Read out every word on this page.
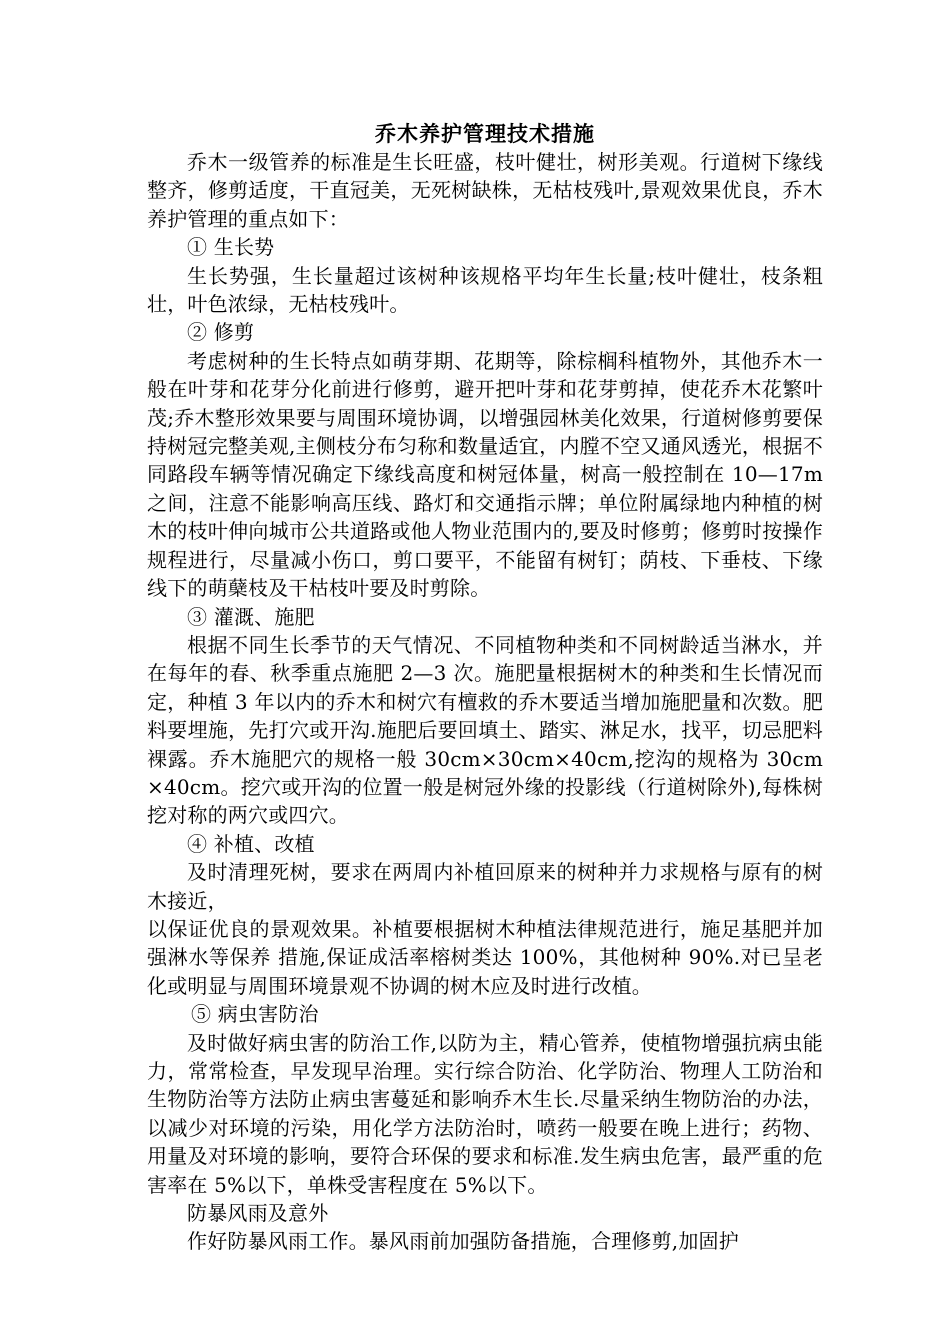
乔木养护管理技术措施

乔木一级管养的标准是生长旺盛，枝叶健壮，树形美观。行道树下缘线整齐，修剪适度，干直冠美，无死树缺株，无枯枝残叶,景观效果优良，乔木养护管理的重点如下：

① 生长势

生长势强，生长量超过该树种该规格平均年生长量;枝叶健壮，枝条粗壮，叶色浓绿，无枯枝残叶。

② 修剪

考虑树种的生长特点如萌芽期、花期等，除棕榈科植物外，其他乔木一般在叶芽和花芽分化前进行修剪，避开把叶芽和花芽剪掉，使花乔木花繁叶茂;乔木整形效果要与周围环境协调，以增强园林美化效果，行道树修剪要保持树冠完整美观,主侧枝分布匀称和数量适宜，内膛不空又通风透光，根据不同路段车辆等情况确定下缘线高度和树冠体量，树高一般控制在 10—17m 之间，注意不能影响高压线、路灯和交通指示牌；单位附属绿地内种植的树木的枝叶伸向城市公共道路或他人物业范围内的,要及时修剪；修剪时按操作规程进行，尽量减小伤口，剪口要平，不能留有树钉；荫枝、下垂枝、下缘线下的萌蘖枝及干枯枝叶要及时剪除。

③ 灌溉、施肥

根据不同生长季节的天气情况、不同植物种类和不同树龄适当淋水，并在每年的春、秋季重点施肥 2—3 次。施肥量根据树木的种类和生长情况而定，种植 3 年以内的乔木和树穴有檀救的乔木要适当增加施肥量和次数。肥料要埋施，先打穴或开沟.施肥后要回填土、踏实、淋足水，找平，切忌肥料裸露。乔木施肥穴的规格一般 30cm×30cm×40cm,挖沟的规格为 30cm×40cm。挖穴或开沟的位置一般是树冠外缘的投影线（行道树除外),每株树挖对称的两穴或四穴。

④ 补植、改植

及时清理死树，要求在两周内补植回原来的树种并力求规格与原有的树木接近，

以保证优良的景观效果。补植要根据树木种植法律规范进行，施足基肥并加强淋水等保养 措施,保证成活率榕树类达 100%，其他树种 90%.对已呈老化或明显与周围环境景观不协调的树木应及时进行改植。

⑤ 病虫害防治

及时做好病虫害的防治工作,以防为主，精心管养，使植物增强抗病虫能力，常常检查，早发现早治理。实行综合防治、化学防治、物理人工防治和生物防治等方法防止病虫害蔓延和影响乔木生长.尽量采纳生物防治的办法，以减少对环境的污染，用化学方法防治时，喷药一般要在晚上进行；药物、用量及对环境的影响，要符合环保的要求和标准.发生病虫危害，最严重的危害率在 5%以下，单株受害程度在 5%以下。

防暴风雨及意外

作好防暴风雨工作。暴风雨前加强防备措施，合理修剪,加固护
